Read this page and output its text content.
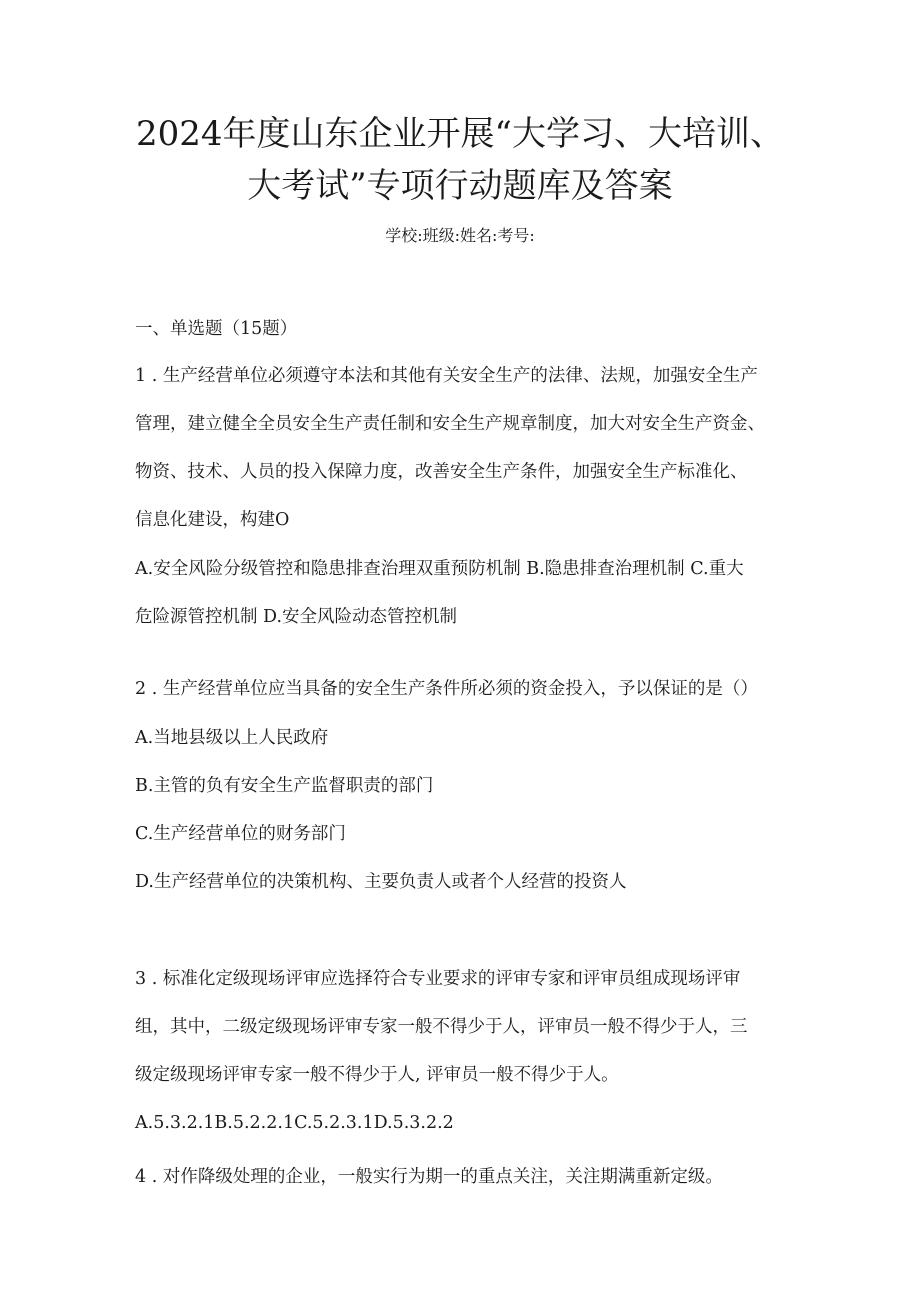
2024年度山东企业开展“大学习、大培训、
大考试”专项行动题库及答案
学校:班级:姓名:考号:

一、单选题（15题）

1 . 生产经营单位必须遵守本法和其他有关安全生产的法律、法规，加强安全生产

管理，建立健全全员安全生产责任制和安全生产规章制度，加大对安全生产资金、

物资、技术、人员的投入保障力度，改善安全生产条件，加强安全生产标准化、

信息化建设，构建O

A.安全风险分级管控和隐患排查治理双重预防机制 B.隐患排查治理机制 C.重大

危险源管控机制 D.安全风险动态管控机制

2 . 生产经营单位应当具备的安全生产条件所必须的资金投入，予以保证的是（）

A.当地县级以上人民政府

B.主管的负有安全生产监督职责的部门

C.生产经营单位的财务部门

D.生产经营单位的决策机构、主要负责人或者个人经营的投资人

3 . 标准化定级现场评审应选择符合专业要求的评审专家和评审员组成现场评审

组，其中，二级定级现场评审专家一般不得少于人，评审员一般不得少于人，三

级定级现场评审专家一般不得少于人, 评审员一般不得少于人。

A.5.3.2.1B.5.2.2.1C.5.2.3.1D.5.3.2.2

4 . 对作降级处理的企业，一般实行为期一的重点关注，关注期满重新定级。
